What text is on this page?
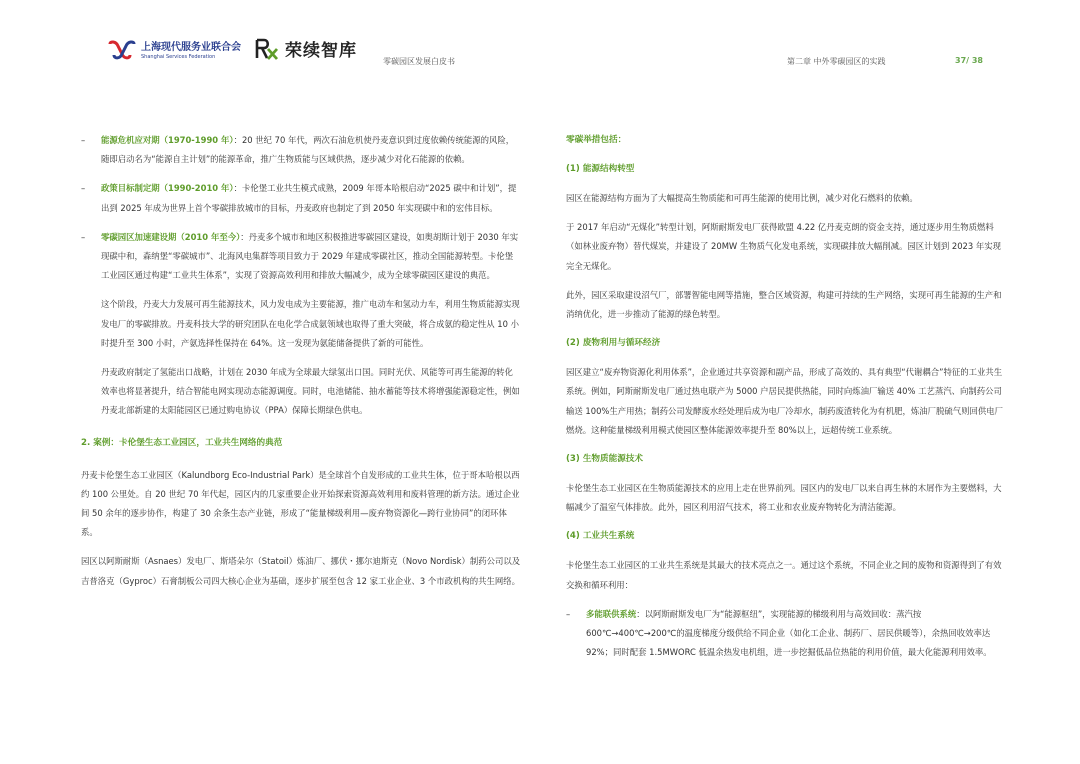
上海现代服务业联合会
Shanghai Services Federation	荣续智库
零碳园区发展白皮书	第二章 中外零碳园区的实践	37/ 38

– 能源危机应对期（1970-1990 年）：20 世纪 70 年代，两次石油危机使丹麦意识到过度依赖传统能源的风险，随即启动名为“能源自主计划”的能源革命，推广生物质能与区域供热，逐步减少对化石能源的依赖。

– 政策目标制定期（1990-2010 年）：卡伦堡工业共生模式成熟，2009 年哥本哈根启动“2025 碳中和计划”，提出到 2025 年成为世界上首个零碳排放城市的目标，丹麦政府也制定了到 2050 年实现碳中和的宏伟目标。

– 零碳园区加速建设期（2010 年至今）：丹麦多个城市和地区积极推进零碳园区建设，如奥胡斯计划于 2030 年实现碳中和，森纳堡“零碳城市”、北海风电集群等项目致力于 2029 年建成零碳社区，推动全国能源转型。卡伦堡工业园区通过构建“工业共生体系”，实现了资源高效利用和排放大幅减少，成为全球零碳园区建设的典范。

这个阶段，丹麦大力发展可再生能源技术，风力发电成为主要能源，推广电动车和氢动力车，利用生物质能源实现发电厂的零碳排放。丹麦科技大学的研究团队在电化学合成氨领域也取得了重大突破，将合成氨的稳定性从 10 小时提升至 300 小时，产氨选择性保持在 64%。这一发现为氨能储备提供了新的可能性。

丹麦政府制定了氢能出口战略，计划在 2030 年成为全球最大绿氢出口国。同时光伏、风能等可再生能源的转化效率也将显著提升，结合智能电网实现动态能源调度。同时，电池储能、抽水蓄能等技术将增强能源稳定性，例如丹麦北部新建的太阳能园区已通过购电协议（PPA）保障长期绿色供电。

2. 案例：卡伦堡生态工业园区，工业共生网络的典范

丹麦卡伦堡生态工业园区（Kalundborg Eco-Industrial Park）是全球首个自发形成的工业共生体，位于哥本哈根以西约 100 公里处。自 20 世纪 70 年代起，园区内的几家重要企业开始探索资源高效利用和废料管理的新方法。通过企业间 50 余年的逐步协作，构建了 30 余条生态产业链，形成了“能量梯级利用—废弃物资源化—跨行业协同”的闭环体系。

园区以阿斯耐斯（Asnaes）发电厂、斯塔朵尔（Statoil）炼油厂、挪伏・挪尔迪斯克（Novo Nordisk）制药公司以及吉普洛克（Gyproc）石膏制板公司四大核心企业为基础，逐步扩展至包含 12 家工业企业、3 个市政机构的共生网络。

零碳举措包括：

(1) 能源结构转型

园区在能源结构方面为了大幅提高生物质能和可再生能源的使用比例，减少对化石燃料的依赖。

于 2017 年启动“无煤化”转型计划，阿斯耐斯发电厂获得欧盟 4.22 亿丹麦克朗的资金支持，通过逐步用生物质燃料（如林业废弃物）替代煤炭，并建设了 20MW 生物质气化发电系统，实现碳排放大幅削减。园区计划到 2023 年实现完全无煤化。

此外，园区采取建设沼气厂，部署智能电网等措施，整合区域资源，构建可持续的生产网络，实现可再生能源的生产和消纳优化，进一步推动了能源的绿色转型。

(2) 废物利用与循环经济

园区建立“废弃物资源化利用体系”，企业通过共享资源和副产品，形成了高效的、具有典型“代谢耦合”特征的工业共生系统。例如，阿斯耐斯发电厂通过热电联产为 5000 户居民提供热能，同时向炼油厂输送 40% 工艺蒸汽、向制药公司输送 100%生产用热；制药公司发酵废水经处理后成为电厂冷却水，制药废渣转化为有机肥，炼油厂脱硫气则回供电厂燃烧。这种能量梯级利用模式使园区整体能源效率提升至 80%以上，远超传统工业系统。

(3) 生物质能源技术

卡伦堡生态工业园区在生物质能源技术的应用上走在世界前列。园区内的发电厂以来自再生林的木屑作为主要燃料，大幅减少了温室气体排放。此外，园区利用沼气技术，将工业和农业废弃物转化为清洁能源。

(4) 工业共生系统

卡伦堡生态工业园区的工业共生系统是其最大的技术亮点之一。通过这个系统，不同企业之间的废物和资源得到了有效交换和循环利用：

– 多能联供系统：以阿斯耐斯发电厂为“能源枢纽”，实现能源的梯级利用与高效回收：蒸汽按 600℃→400℃→200℃的温度梯度分级供给不同企业（如化工企业、制药厂、居民供暖等），余热回收效率达 92%；同时配套 1.5MWORC 低温余热发电机组，进一步挖掘低品位热能的利用价值，最大化能源利用效率。
